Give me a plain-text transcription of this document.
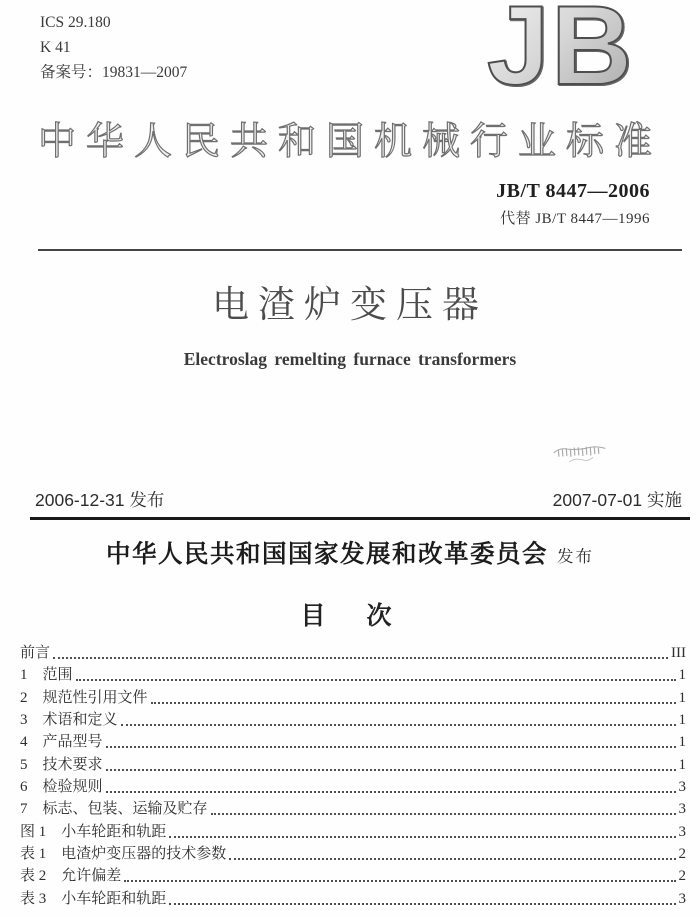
ICS 29.180
K 41
备案号：19831—2007	JB
中华人民共和国机械行业标准
JB/T 8447—2006
代替 JB/T 8447—1996
电渣炉变压器
Electroslag remelting furnace transformers
2006-12-31 发布	2007-07-01 实施
中华人民共和国国家发展和改革委员会 发布
目　次
前言	III
1　范围	1
2　规范性引用文件	1
3　术语和定义	1
4　产品型号	1
5　技术要求	1
6　检验规则	3
7　标志、包装、运输及贮存	3
图 1　小车轮距和轨距	3
表 1　电渣炉变压器的技术参数	2
表 2　允许偏差	2
表 3　小车轮距和轨距	3
